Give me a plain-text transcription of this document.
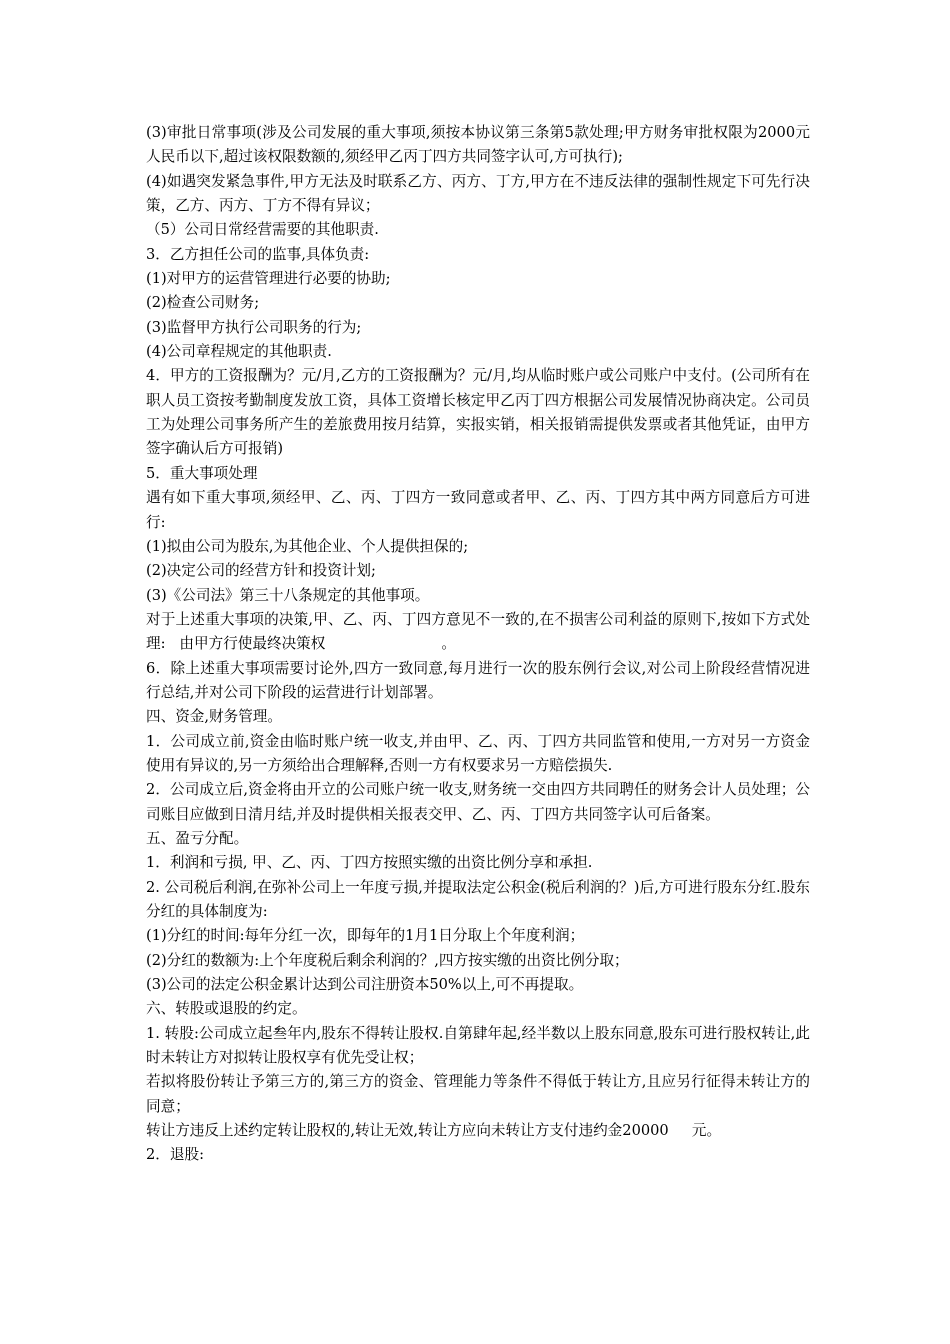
(3)审批日常事项(涉及公司发展的重大事项,须按本协议第三条第5款处理;甲方财务审批权限为2000元人民币以下,超过该权限数额的,须经甲乙丙丁四方共同签字认可,方可执行);

(4)如遇突发紧急事件,甲方无法及时联系乙方、丙方、丁方,甲方在不违反法律的强制性规定下可先行决策，乙方、丙方、丁方不得有异议；

（5）公司日常经营需要的其他职责.

3．乙方担任公司的监事,具体负责:

(1)对甲方的运营管理进行必要的协助;

(2)检查公司财务;

(3)监督甲方执行公司职务的行为;

(4)公司章程规定的其他职责.

4．甲方的工资报酬为？元/月,乙方的工资报酬为？元/月,均从临时账户或公司账户中支付。(公司所有在职人员工资按考勤制度发放工资，具体工资增长核定甲乙丙丁四方根据公司发展情况协商决定。公司员工为处理公司事务所产生的差旅费用按月结算，实报实销，相关报销需提供发票或者其他凭证，由甲方签字确认后方可报销)

5．重大事项处理

遇有如下重大事项,须经甲、乙、丙、丁四方一致同意或者甲、乙、丙、丁四方其中两方同意后方可进行:

(1)拟由公司为股东,为其他企业、个人提供担保的;

(2)决定公司的经营方针和投资计划;

(3)《公司法》第三十八条规定的其他事项。

对于上述重大事项的决策,甲、乙、丙、丁四方意见不一致的,在不损害公司利益的原则下,按如下方式处理:   由甲方行使最终决策权                         。

6．除上述重大事项需要讨论外,四方一致同意,每月进行一次的股东例行会议,对公司上阶段经营情况进行总结,并对公司下阶段的运营进行计划部署。

四、资金,财务管理。

1．公司成立前,资金由临时账户统一收支,并由甲、乙、丙、丁四方共同监管和使用,一方对另一方资金使用有异议的,另一方须给出合理解释,否则一方有权要求另一方赔偿损失.

2．公司成立后,资金将由开立的公司账户统一收支,财务统一交由四方共同聘任的财务会计人员处理；公司账目应做到日清月结,并及时提供相关报表交甲、乙、丙、丁四方共同签字认可后备案。

五、盈亏分配。

1．利润和亏损, 甲、乙、丙、丁四方按照实缴的出资比例分享和承担.

2. 公司税后利润,在弥补公司上一年度亏损,并提取法定公积金(税后利润的？)后,方可进行股东分红.股东分红的具体制度为:

(1)分红的时间:每年分红一次，即每年的1月1日分取上个年度利润；

(2)分红的数额为:上个年度税后剩余利润的？,四方按实缴的出资比例分取；

(3)公司的法定公积金累计达到公司注册资本50%以上,可不再提取。

六、转股或退股的约定。

1. 转股:公司成立起叁年内,股东不得转让股权.自第肆年起,经半数以上股东同意,股东可进行股权转让,此时未转让方对拟转让股权享有优先受让权；

若拟将股份转让予第三方的,第三方的资金、管理能力等条件不得低于转让方,且应另行征得未转让方的同意；

转让方违反上述约定转让股权的,转让无效,转让方应向未转让方支付违约金20000     元。

2．退股:
